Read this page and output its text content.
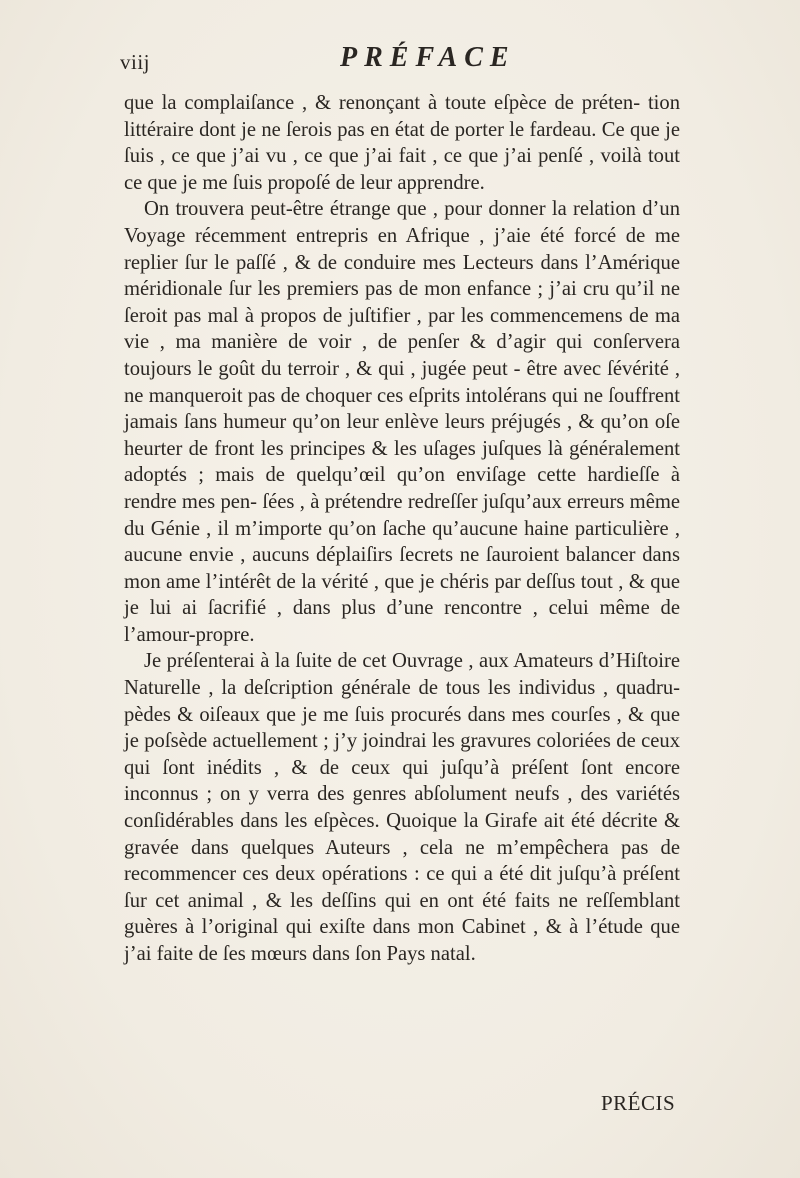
viij	PRÉFACE

que la complaiſance , & renonçant à toute eſpèce de préten- tion littéraire dont je ne ſerois pas en état de porter le fardeau. Ce que je ſuis , ce que j’ai vu , ce que j’ai fait , ce que j’ai penſé , voilà tout ce que je me ſuis propoſé de leur apprendre.

On trouvera peut-être étrange que , pour donner la relation d’un Voyage récemment entrepris en Afrique , j’aie été forcé de me replier ſur le paſſé , & de conduire mes Lecteurs dans l’Amérique méridionale ſur les premiers pas de mon enfance ; j’ai cru qu’il ne ſeroit pas mal à propos de juſtifier , par les commencemens de ma vie , ma manière de voir , de penſer & d’agir qui conſervera toujours le goût du terroir , & qui , jugée peut - être avec ſévérité , ne manqueroit pas de choquer ces eſprits intolérans qui ne ſouffrent jamais ſans humeur qu’on leur enlève leurs préjugés , & qu’on oſe heurter de front les principes & les uſages juſques là généralement adoptés ; mais de quelqu’œil qu’on enviſage cette hardieſſe à rendre mes pen- ſées , à prétendre redreſſer juſqu’aux erreurs même du Génie , il m’importe qu’on ſache qu’aucune haine particulière , aucune envie , aucuns déplaiſirs ſecrets ne ſauroient balancer dans mon ame l’intérêt de la vérité , que je chéris par deſſus tout , & que je lui ai ſacrifié , dans plus d’une rencontre , celui même de l’amour-propre.

Je préſenterai à la ſuite de cet Ouvrage , aux Amateurs d’Hiſtoire Naturelle , la deſcription générale de tous les individus , quadru- pèdes & oiſeaux que je me ſuis procurés dans mes courſes , & que je poſsède actuellement ; j’y joindrai les gravures coloriées de ceux qui ſont inédits , & de ceux qui juſqu’à préſent ſont encore inconnus ; on y verra des genres abſolument neufs , des variétés conſidérables dans les eſpèces. Quoique la Girafe ait été décrite & gravée dans quelques Auteurs , cela ne m’empêchera pas de recommencer ces deux opérations : ce qui a été dit juſqu’à préſent ſur cet animal , & les deſſins qui en ont été faits ne reſſemblant guères à l’original qui exiſte dans mon Cabinet , & à l’étude que j’ai faite de ſes mœurs dans ſon Pays natal.

PRÉCIS
